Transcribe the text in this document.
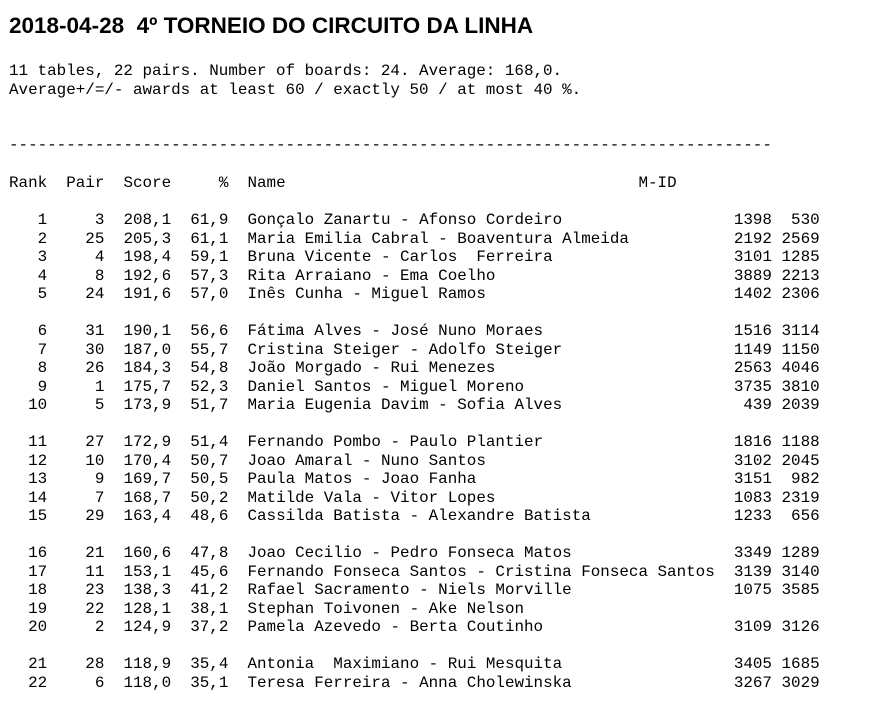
2018-04-28  4º TORNEIO DO CIRCUITO DA LINHA
11 tables, 22 pairs. Number of boards: 24. Average: 168,0.
Average+/=/- awards at least 60 / exactly 50 / at most 40 %.
--------------------------------------------------------------------------------
Rank Pair Score	% Name	M-ID
1     3 208,1  61,9 Gonçalo Zanartu - Afonso Cordeiro                  1398  530
2    25 205,3  61,1 Maria Emilia Cabral - Boaventura Almeida           2192 2569
3     4 198,4  59,1 Bruna Vicente - Carlos  Ferreira                   3101 1285
4     8 192,6  57,3 Rita Arraiano - Ema Coelho                         3889 2213
5    24 191,6  57,0 Inês Cunha - Miguel Ramos                          1402 2306
6    31 190,1  56,6 Fátima Alves - José Nuno Moraes                    1516 3114
7    30 187,0  55,7 Cristina Steiger - Adolfo Steiger                  1149 1150
8    26 184,3  54,8 João Morgado - Rui Menezes                         2563 4046
9     1 175,7  52,3 Daniel Santos - Miguel Moreno                      3735 3810
10     5 173,9  51,7 Maria Eugenia Davim - Sofia Alves                   439 2039
11    27 172,9  51,4 Fernando Pombo - Paulo Plantier                    1816 1188
12    10 170,4  50,7 Joao Amaral - Nuno Santos                          3102 2045
13     9 169,7  50,5 Paula Matos - Joao Fanha                           3151  982
14     7 168,7  50,2 Matilde Vala - Vitor Lopes                         1083 2319
15    29 163,4  48,6 Cassilda Batista - Alexandre Batista               1233  656
16    21 160,6  47,8 Joao Cecilio - Pedro Fonseca Matos                 3349 1289
17    11 153,1  45,6 Fernando Fonseca Santos - Cristina Fonseca Santos  3139 3140
18    23 138,3  41,2 Rafael Sacramento - Niels Morville                 1075 3585
19    22 128,1  38,1 Stephan Toivonen - Ake Nelson
20     2 124,9  37,2 Pamela Azevedo - Berta Coutinho                    3109 3126
21    28 118,9  35,4 Antonia  Maximiano - Rui Mesquita                  3405 1685
22     6 118,0  35,1 Teresa Ferreira - Anna Cholewinska                 3267 3029
